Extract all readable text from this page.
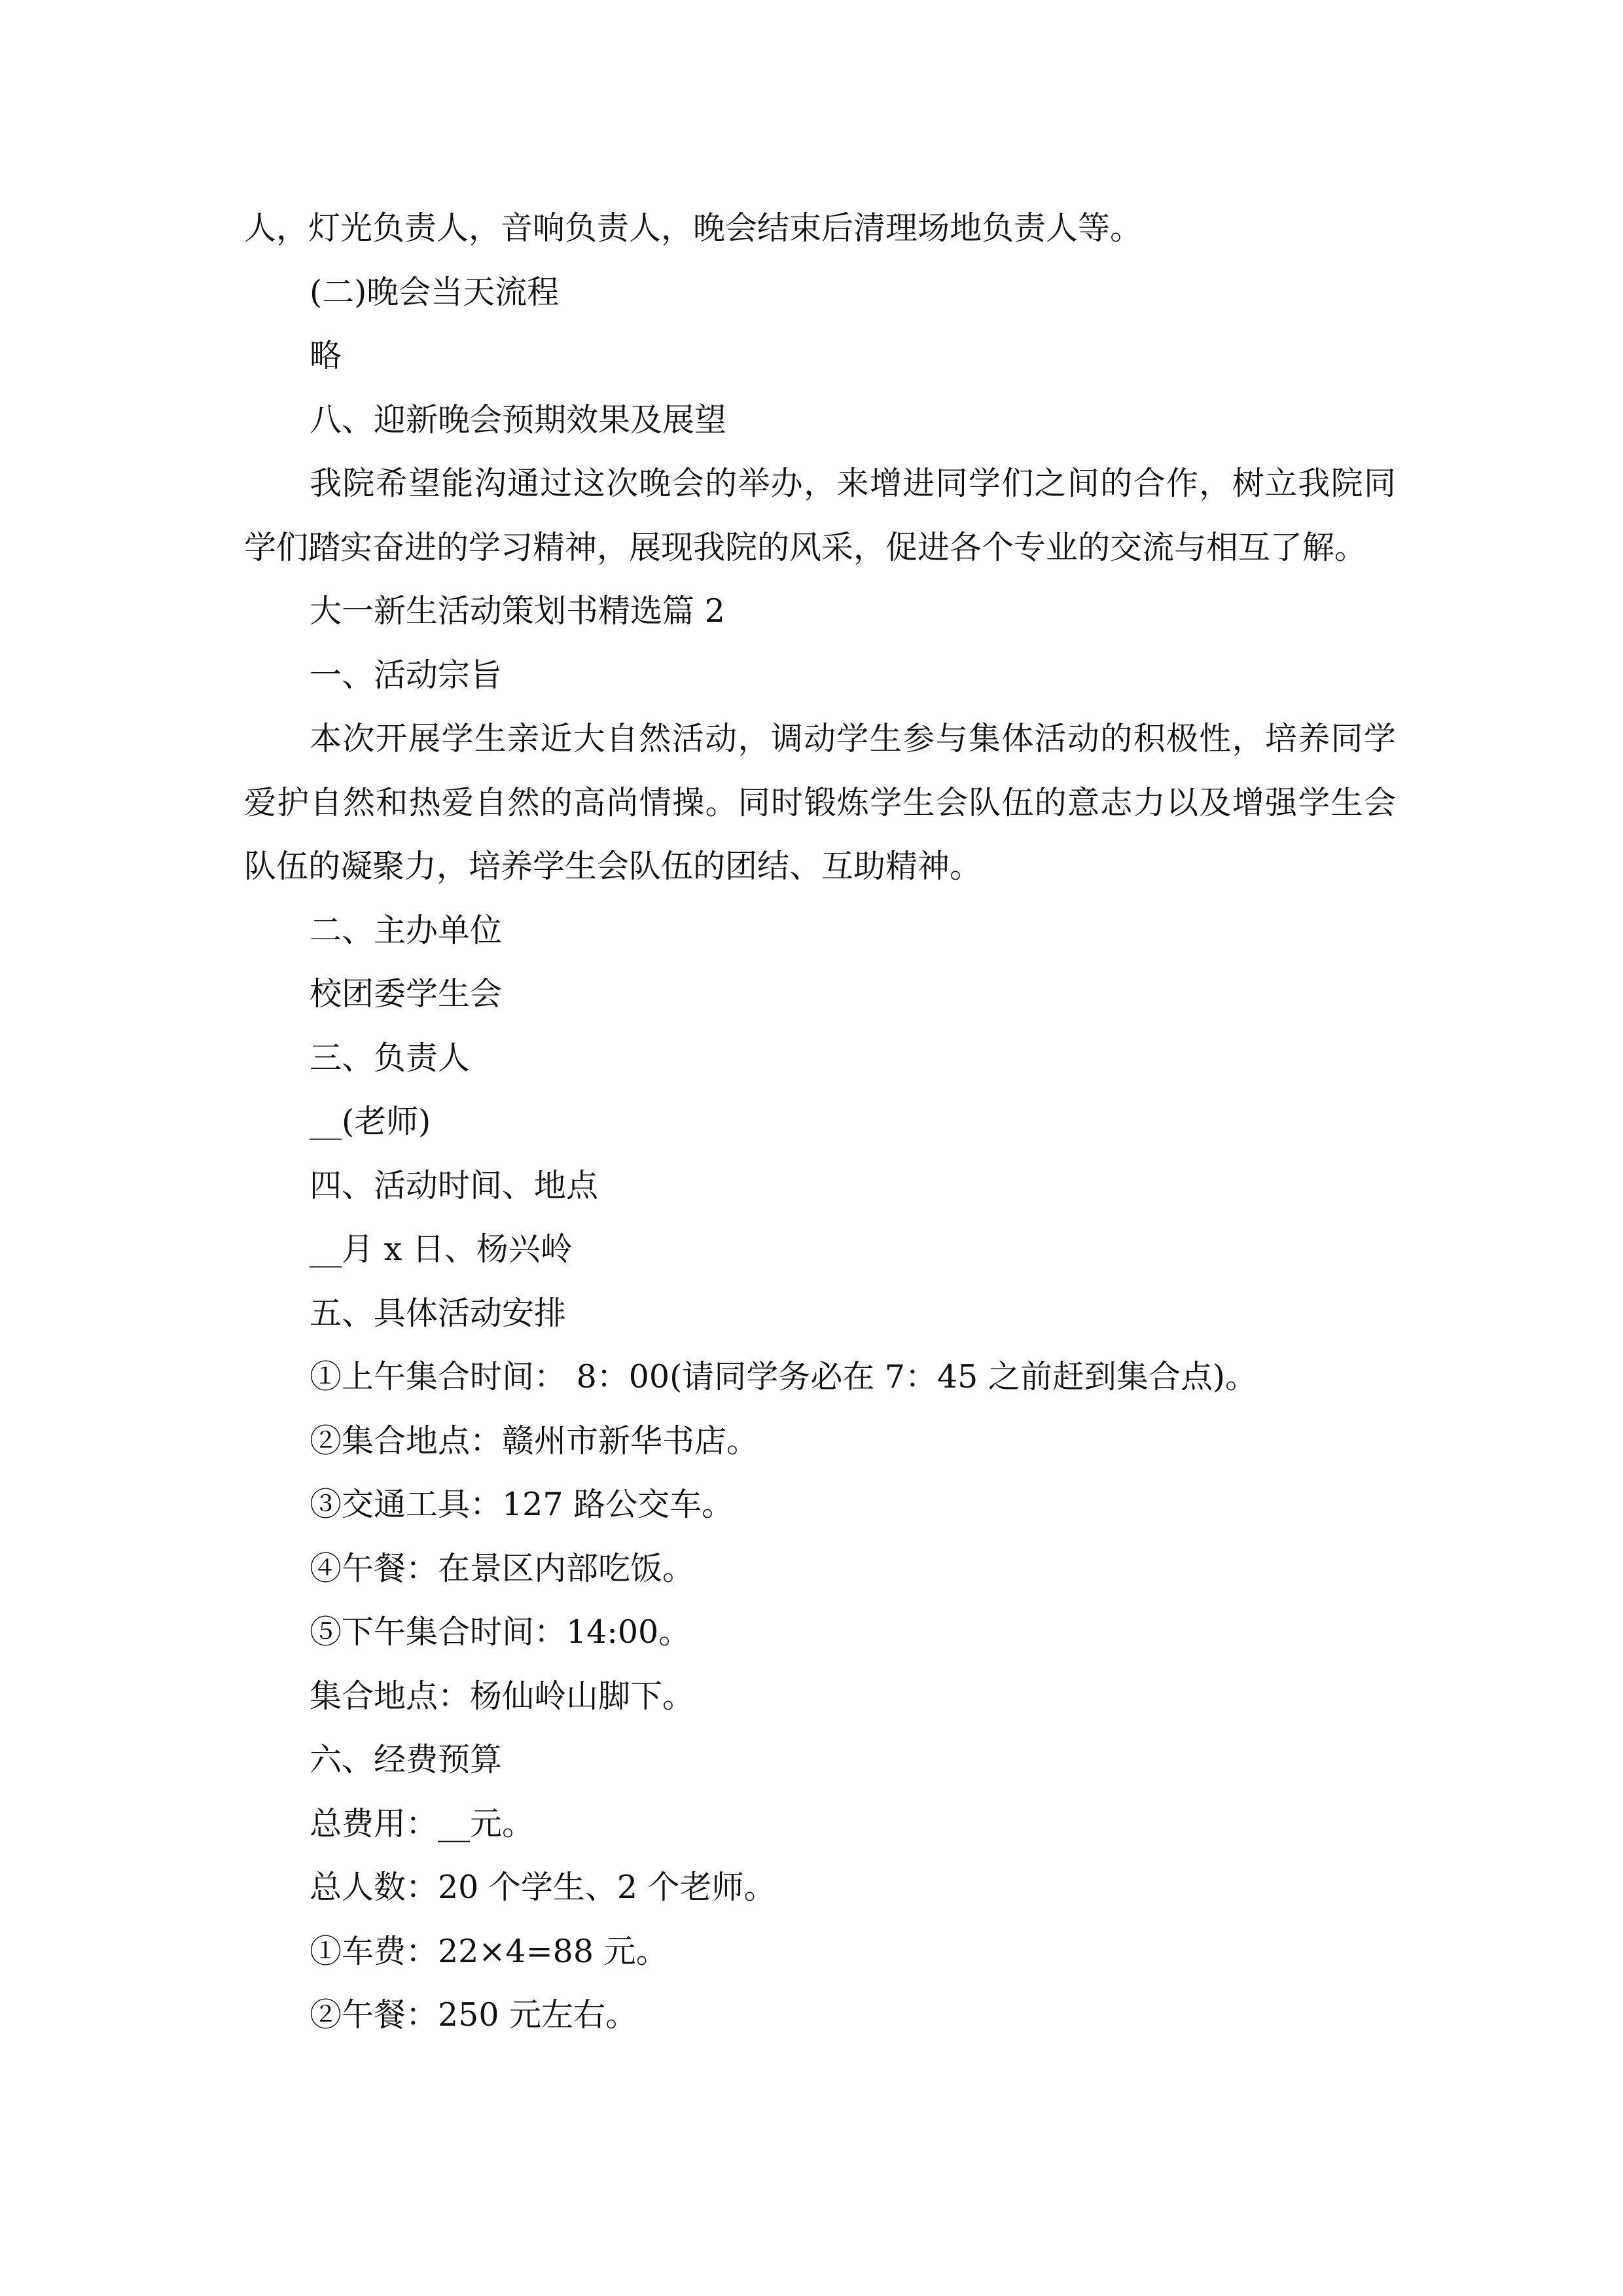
人，灯光负责人，音响负责人，晚会结束后清理场地负责人等。
(二)晚会当天流程
略
八、迎新晚会预期效果及展望
我院希望能沟通过这次晚会的举办，来增进同学们之间的合作，树立我院同
学们踏实奋进的学习精神，展现我院的风采，促进各个专业的交流与相互了解。
大一新生活动策划书精选篇 2
一、活动宗旨
本次开展学生亲近大自然活动，调动学生参与集体活动的积极性，培养同学
爱护自然和热爱自然的高尚情操。同时锻炼学生会队伍的意志力以及增强学生会
队伍的凝聚力，培养学生会队伍的团结、互助精神。
二、主办单位
校团委学生会
三、负责人
__(老师)
四、活动时间、地点
__月 x 日、杨兴岭
五、具体活动安排
①上午集合时间： 8：00(请同学务必在 7：45 之前赶到集合点)。
②集合地点：赣州市新华书店。
③交通工具：127 路公交车。
④午餐：在景区内部吃饭。
⑤下午集合时间：14:00。
集合地点：杨仙岭山脚下。
六、经费预算
总费用：__元。
总人数：20 个学生、2 个老师。
①车费：22×4=88 元。
②午餐：250 元左右。
